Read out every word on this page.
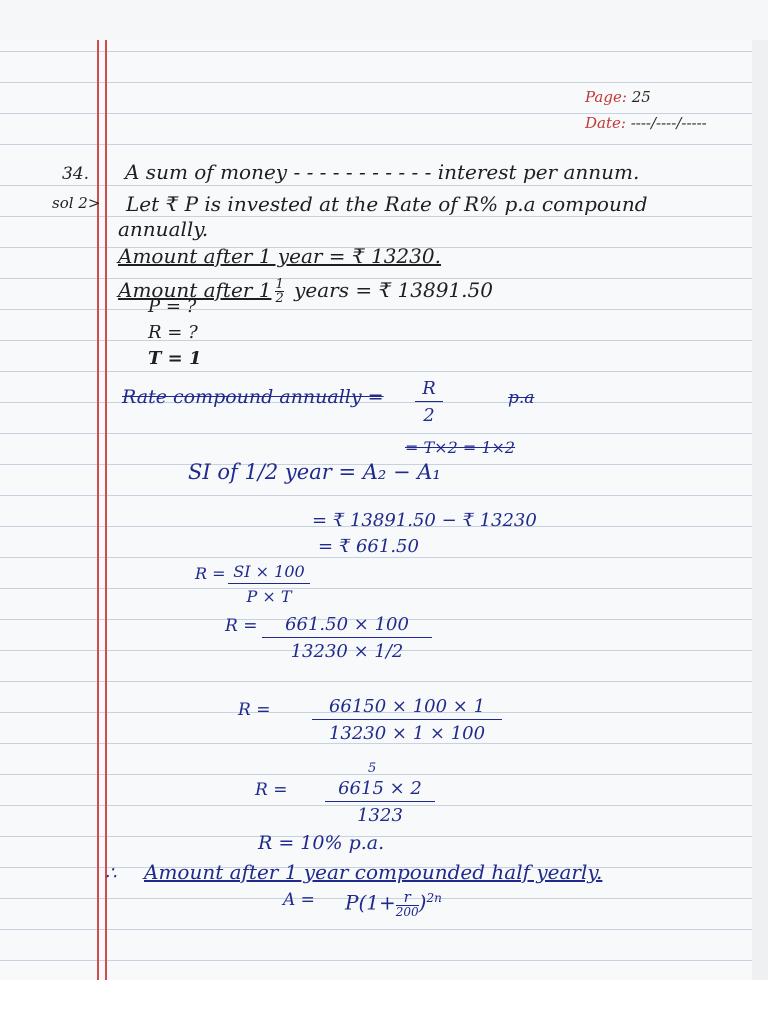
Page: 25
Date: ----/----/-----
34. A sum of money - - - - - - - - - - - interest per annum.
sol 2> Let ₹ P is invested at the Rate of R% p.a compound
annually.
Amount after 1 year = ₹ 13230.
Amount after $1 \frac{1}{2}$ years = ₹ 13891.50
P = ?
R = ?
T = 1
Rate compound annually = $\frac{R}{2}$	p.a
= T×2 = 1×2
SI of 1/2 year = A₂ − A₁
= ₹ 13891.50 − ₹ 13230
= ₹ 661.50
$R = \frac{SI \times 100}{P \times T}$
$R = \frac{661.50 \times 100}{13230 \times 1/2}$
$R = \frac{66150 \times 100 \times 1}{13230 \times 1 \times 100}$
5
$R = \frac{6615 \times 2}{1323}$
R = 10% p.a.
∴ Amount after 1 year compounded half yearly.
A = P(1+ r
200 )$^{2n}$
